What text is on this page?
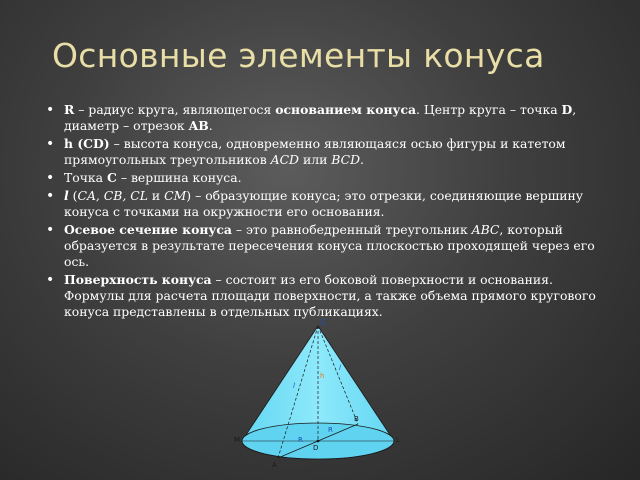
Основные элементы конуса
• R – радиус круга, являющегося основанием конуса. Центр круга – точка D, диаметр – отрезок AB.
• h (CD) – высота конуса, одновременно являющаяся осью фигуры и катетом прямоугольных треугольников ACD или BCD.
• Точка C – вершина конуса.
• l (CA, CB, CL и CM) – образующие конуса; это отрезки, соединяющие вершину конуса с точками на окружности его основания.
• Осевое сечение конуса – это равнобедренный треугольник ABC, который образуется в результате пересечения конуса плоскостью проходящей через его ось.
• Поверхность конуса – состоит из его боковой поверхности и основания. Формулы для расчета площади поверхности, а также объема прямого кругового конуса представлены в отдельных публикациях.
C
h
l
l
B
R
R
D
M	L
A
